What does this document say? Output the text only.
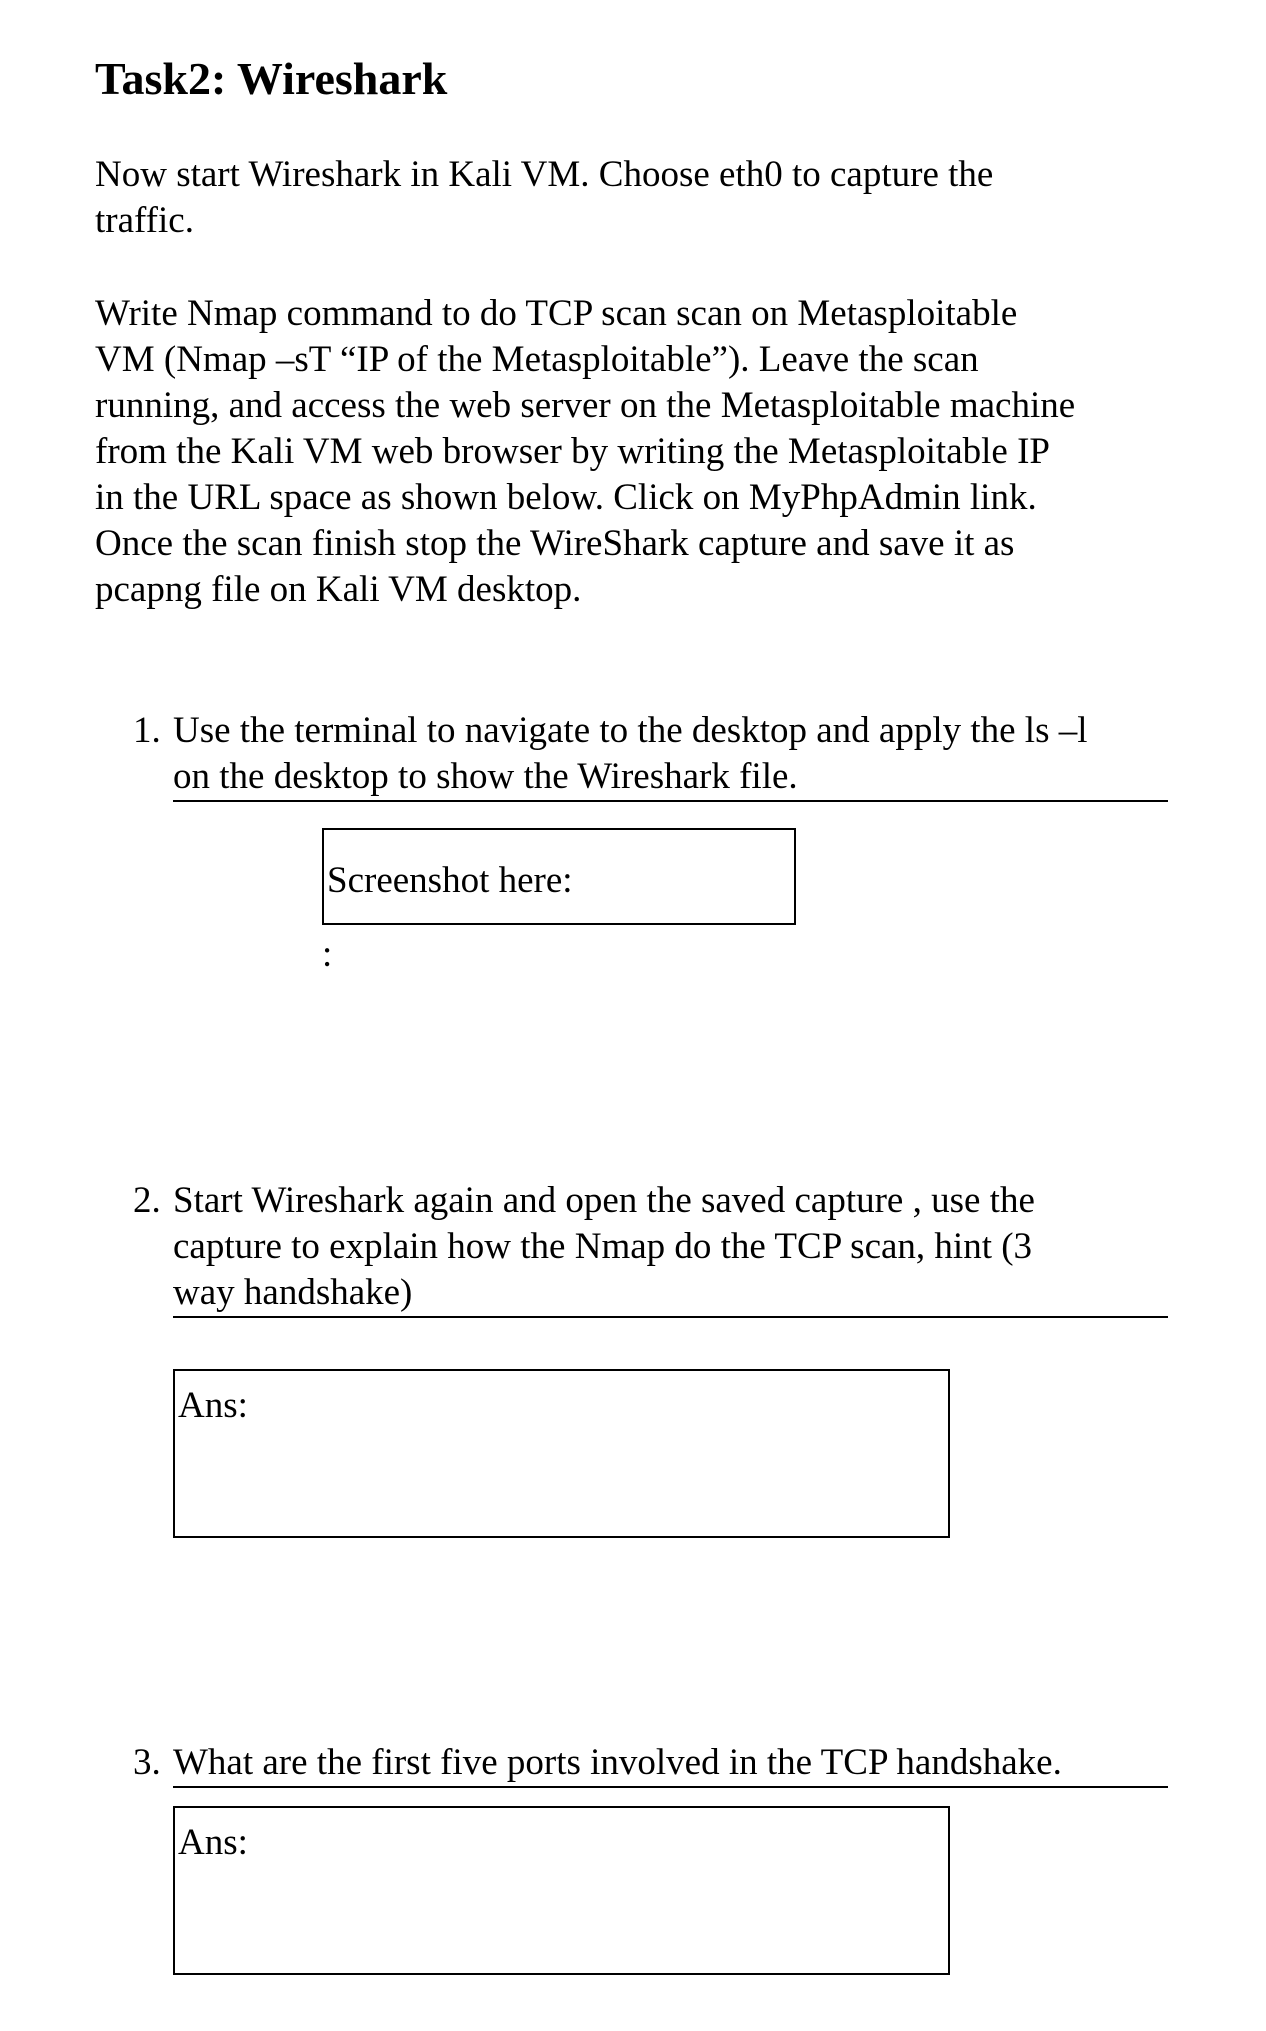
Task2: Wireshark
Now start Wireshark in Kali VM. Choose eth0 to capture the
traffic.
Write Nmap command to do TCP scan scan on Metasploitable
VM (Nmap –sT “IP of the Metasploitable”). Leave the scan
running, and access the web server on the Metasploitable machine
from the Kali VM web browser by writing the Metasploitable IP
in the URL space as shown below. Click on MyPhpAdmin link.
Once the scan finish stop the WireShark capture and save it as
pcapng file on Kali VM desktop.
1. Use the terminal to navigate to the desktop and apply the ls –l
on the desktop to show the Wireshark file.
Screenshot here:
:
2. Start Wireshark again and open the saved capture , use the
capture to explain how the Nmap do the TCP scan, hint (3
way handshake)
Ans:
3. What are the first five ports involved in the TCP handshake.
Ans:
